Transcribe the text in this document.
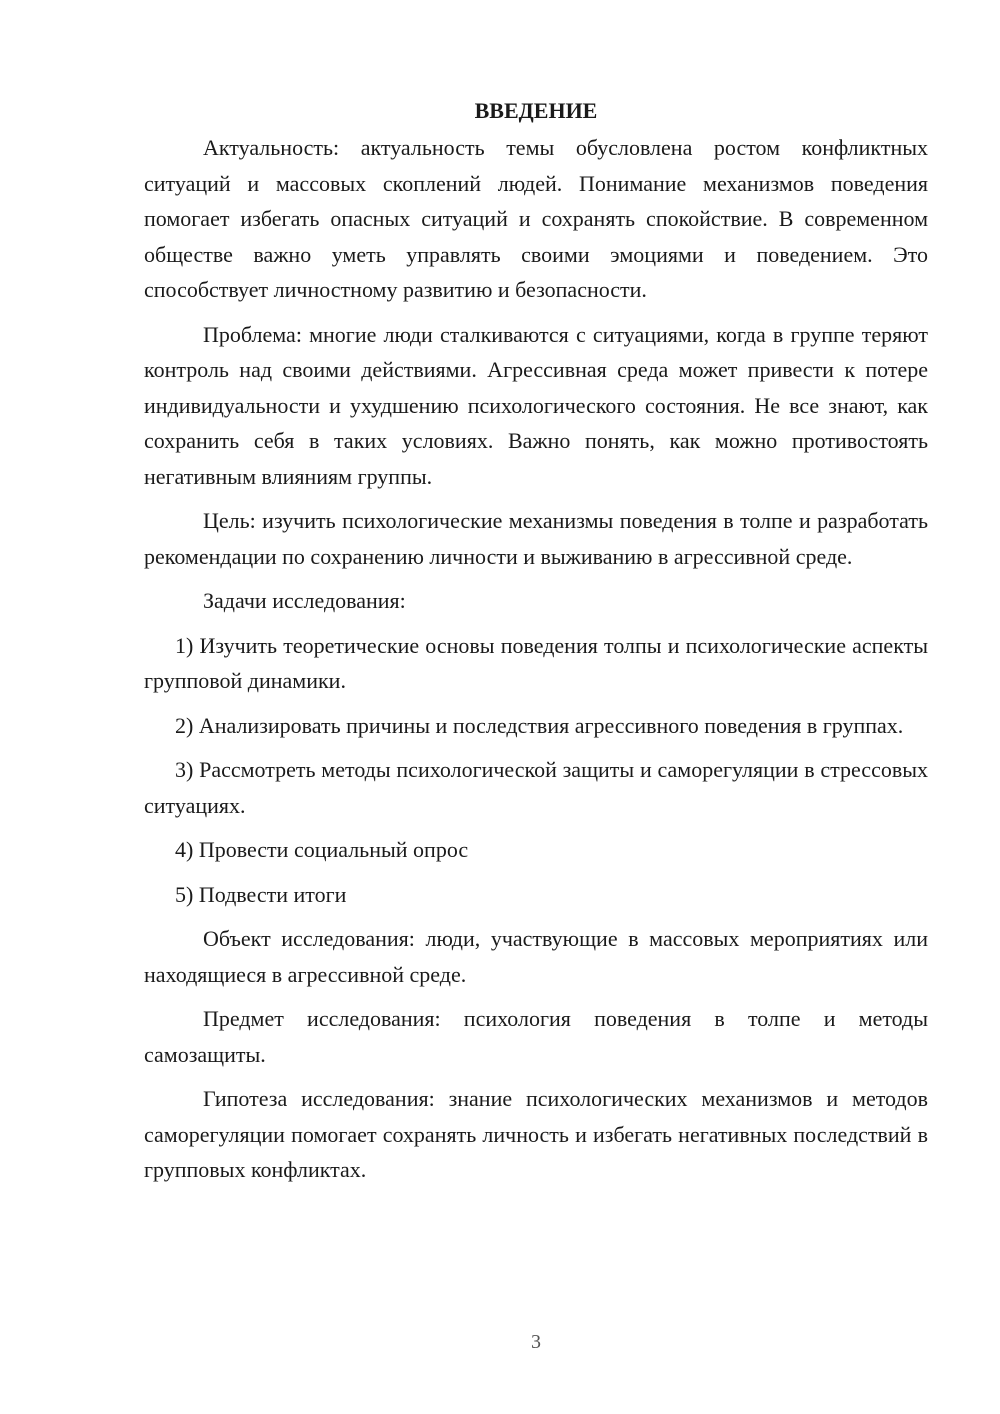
ВВЕДЕНИЕ

Актуальность: актуальность темы обусловлена ростом конфликтных ситуаций и массовых скоплений людей. Понимание механизмов поведения помогает избегать опасных ситуаций и сохранять спокойствие. В современном обществе важно уметь управлять своими эмоциями и поведением. Это способствует личностному развитию и безопасности.

Проблема: многие люди сталкиваются с ситуациями, когда в группе теряют контроль над своими действиями. Агрессивная среда может привести к потере индивидуальности и ухудшению психологического состояния. Не все знают, как сохранить себя в таких условиях. Важно понять, как можно противостоять негативным влияниям группы.

Цель: изучить психологические механизмы поведения в толпе и разработать рекомендации по сохранению личности и выживанию в агрессивной среде.

Задачи исследования:

1) Изучить теоретические основы поведения толпы и психологические аспекты групповой динамики.

2) Анализировать причины и последствия агрессивного поведения в группах.

3) Рассмотреть методы психологической защиты и саморегуляции в стрессовых ситуациях.

4) Провести социальный опрос

5) Подвести итоги

Объект исследования: люди, участвующие в массовых мероприятиях или находящиеся в агрессивной среде.

Предмет исследования: психология поведения в толпе и методы самозащиты.

Гипотеза исследования: знание психологических механизмов и методов саморегуляции помогает сохранять личность и избегать негативных последствий в групповых конфликтах.

3
